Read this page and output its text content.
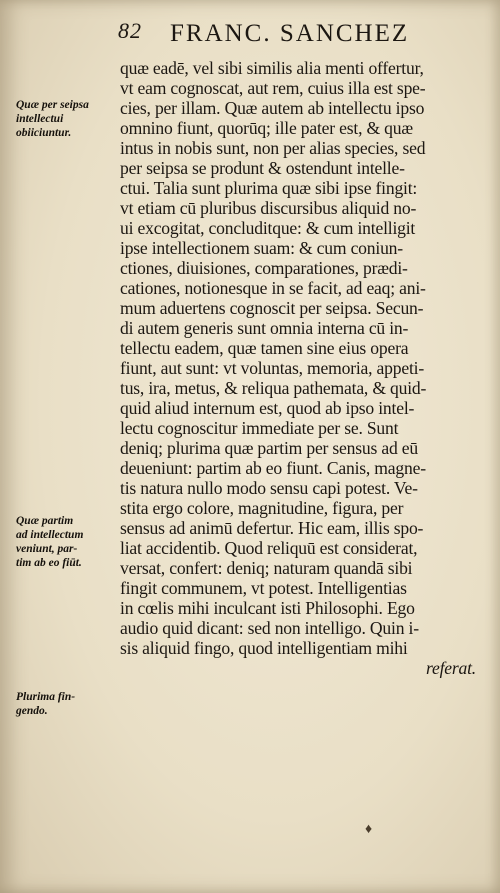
82 FRANC. SANCHEZ
Quæ per seipsa
intellectui
obiiciuntur.
Quæ partim
ad intellectum
veniunt, par-
tim ab eo fiūt.
Plurima fin-
gendo.
quæ eadē, vel sibi similis alia menti offertur,
vt eam cognoscat, aut rem, cuius illa est spe-
cies, per illam. Quæ autem ab intellectu ipso
omnino fiunt, quorūq; ille pater est, & quæ
intus in nobis sunt, non per alias species, sed
per seipsa se produnt & ostendunt intelle-
ctui. Talia sunt plurima quæ sibi ipse fingit:
vt etiam cū pluribus discursibus aliquid no-
ui excogitat, concluditque: & cum intelligit
ipse intellectionem suam: & cum coniun-
ctiones, diuisiones, comparationes, prædi-
cationes, notionesque in se facit, ad eaq; ani-
mum aduertens cognoscit per seipsa. Secun-
di autem generis sunt omnia interna cū in-
tellectu eadem, quæ tamen sine eius opera
fiunt, aut sunt: vt voluntas, memoria, appeti-
tus, ira, metus, & reliqua pathemata, & quid-
quid aliud internum est, quod ab ipso intel-
lectu cognoscitur immediate per se. Sunt
deniq; plurima quæ partim per sensus ad eū
deueniunt: partim ab eo fiunt. Canis, magne-
tis natura nullo modo sensu capi potest. Ve-
stita ergo colore, magnitudine, figura, per
sensus ad animū defertur. Hic eam, illis spo-
liat accidentib. Quod reliquū est considerat,
versat, confert: deniq; naturam quandā sibi
fingit communem, vt potest. Intelligentias
in cœlis mihi inculcant isti Philosophi. Ego
audio quid dicant: sed non intelligo. Quin i-
sis aliquid fingo, quod intelligentiam mihi
referat.
♦
